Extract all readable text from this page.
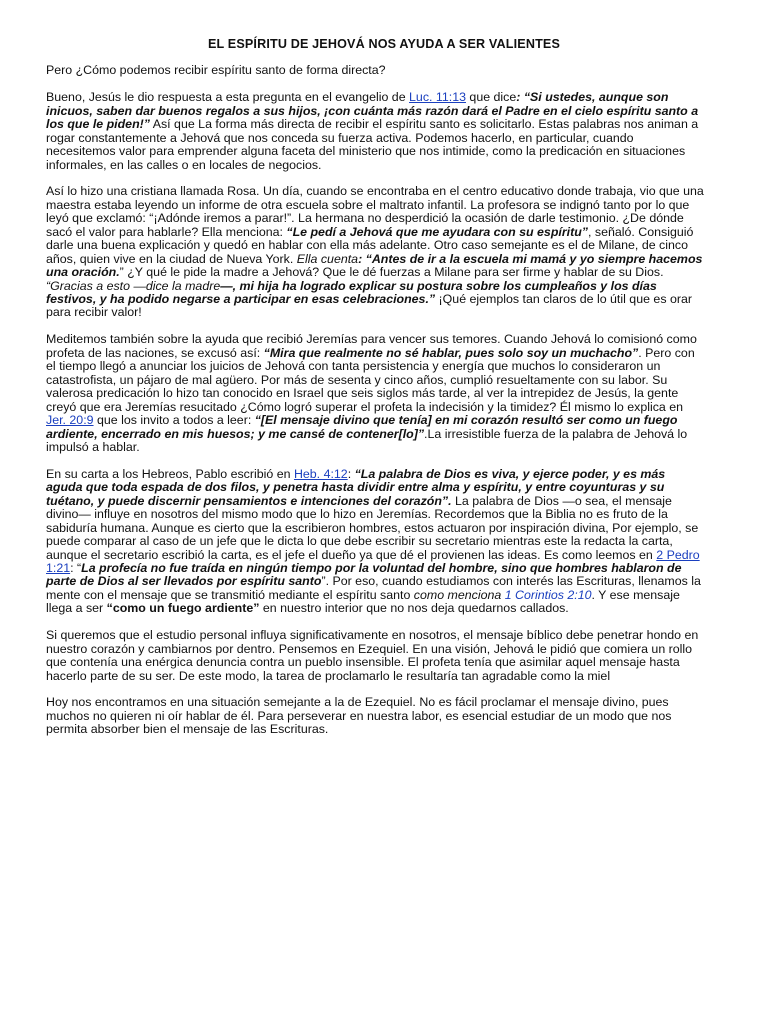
EL ESPÍRITU DE JEHOVÁ NOS AYUDA A SER VALIENTES

Pero ¿Cómo podemos recibir espíritu santo de forma directa?

Bueno, Jesús le dio respuesta a esta pregunta en el evangelio de Luc. 11:13 que dice: “Si ustedes, aunque son inicuos, saben dar buenos regalos a sus hijos, ¡con cuánta más razón dará el Padre en el cielo espíritu santo a los que le piden!” Así que La forma más directa de recibir el espíritu santo es solicitarlo. Estas palabras nos animan a rogar constantemente a Jehová que nos conceda su fuerza activa. Podemos hacerlo, en particular, cuando necesitemos valor para emprender alguna faceta del ministerio que nos intimide, como la predicación en situaciones informales, en las calles o en locales de negocios.

Así lo hizo una cristiana llamada Rosa. Un día, cuando se encontraba en el centro educativo donde trabaja, vio que una maestra estaba leyendo un informe de otra escuela sobre el maltrato infantil. La profesora se indignó tanto por lo que leyó que exclamó: “¡Adónde iremos a parar!”. La hermana no desperdició la ocasión de darle testimonio. ¿De dónde sacó el valor para hablarle? Ella menciona: “Le pedí a Jehová que me ayudara con su espíritu”, señaló. Consiguió darle una buena explicación y quedó en hablar con ella más adelante. Otro caso semejante es el de Milane, de cinco años, quien vive en la ciudad de Nueva York. Ella cuenta: “Antes de ir a la escuela mi mamá y yo siempre hacemos una oración.” ¿Y qué le pide la madre a Jehová? Que le dé fuerzas a Milane para ser firme y hablar de su Dios. “Gracias a esto —dice la madre—, mi hija ha logrado explicar su postura sobre los cumpleaños y los días festivos, y ha podido negarse a participar en esas celebraciones.” ¡Qué ejemplos tan claros de lo útil que es orar para recibir valor!

Meditemos también sobre la ayuda que recibió Jeremías para vencer sus temores. Cuando Jehová lo comisionó como profeta de las naciones, se excusó así: “Mira que realmente no sé hablar, pues solo soy un muchacho”. Pero con el tiempo llegó a anunciar los juicios de Jehová con tanta persistencia y energía que muchos lo consideraron un catastrofista, un pájaro de mal agüero. Por más de sesenta y cinco años, cumplió resueltamente con su labor. Su valerosa predicación lo hizo tan conocido en Israel que seis siglos más tarde, al ver la intrepidez de Jesús, la gente creyó que era Jeremías resucitado ¿Cómo logró superar el profeta la indecisión y la timidez? Él mismo lo explica en Jer. 20:9 que los invito a todos a leer: “[El mensaje divino que tenía] en mi corazón resultó ser como un fuego ardiente, encerrado en mis huesos; y me cansé de contener[lo]”.La irresistible fuerza de la palabra de Jehová lo impulsó a hablar.

En su carta a los Hebreos, Pablo escribió en Heb. 4:12: “La palabra de Dios es viva, y ejerce poder, y es más aguda que toda espada de dos filos, y penetra hasta dividir entre alma y espíritu, y entre coyunturas y su tuétano, y puede discernir pensamientos e intenciones del corazón”. La palabra de Dios —o sea, el mensaje divino— influye en nosotros del mismo modo que lo hizo en Jeremías. Recordemos que la Biblia no es fruto de la sabiduría humana. Aunque es cierto que la escribieron hombres, estos actuaron por inspiración divina, Por ejemplo, se puede comparar al caso de un jefe que le dicta lo que debe escribir su secretario mientras este la redacta la carta, aunque el secretario escribió la carta, es el jefe el dueño ya que dé el provienen las ideas. Es como leemos en 2 Pedro 1:21: “La profecía no fue traída en ningún tiempo por la voluntad del hombre, sino que hombres hablaron de parte de Dios al ser llevados por espíritu santo”. Por eso, cuando estudiamos con interés las Escrituras, llenamos la mente con el mensaje que se transmitió mediante el espíritu santo como menciona 1 Corintios 2:10. Y ese mensaje llega a ser “como un fuego ardiente” en nuestro interior que no nos deja quedarnos callados.

Si queremos que el estudio personal influya significativamente en nosotros, el mensaje bíblico debe penetrar hondo en nuestro corazón y cambiarnos por dentro. Pensemos en Ezequiel. En una visión, Jehová le pidió que comiera un rollo que contenía una enérgica denuncia contra un pueblo insensible. El profeta tenía que asimilar aquel mensaje hasta hacerlo parte de su ser. De este modo, la tarea de proclamarlo le resultaría tan agradable como la miel

Hoy nos encontramos en una situación semejante a la de Ezequiel. No es fácil proclamar el mensaje divino, pues muchos no quieren ni oír hablar de él. Para perseverar en nuestra labor, es esencial estudiar de un modo que nos permita absorber bien el mensaje de las Escrituras.
